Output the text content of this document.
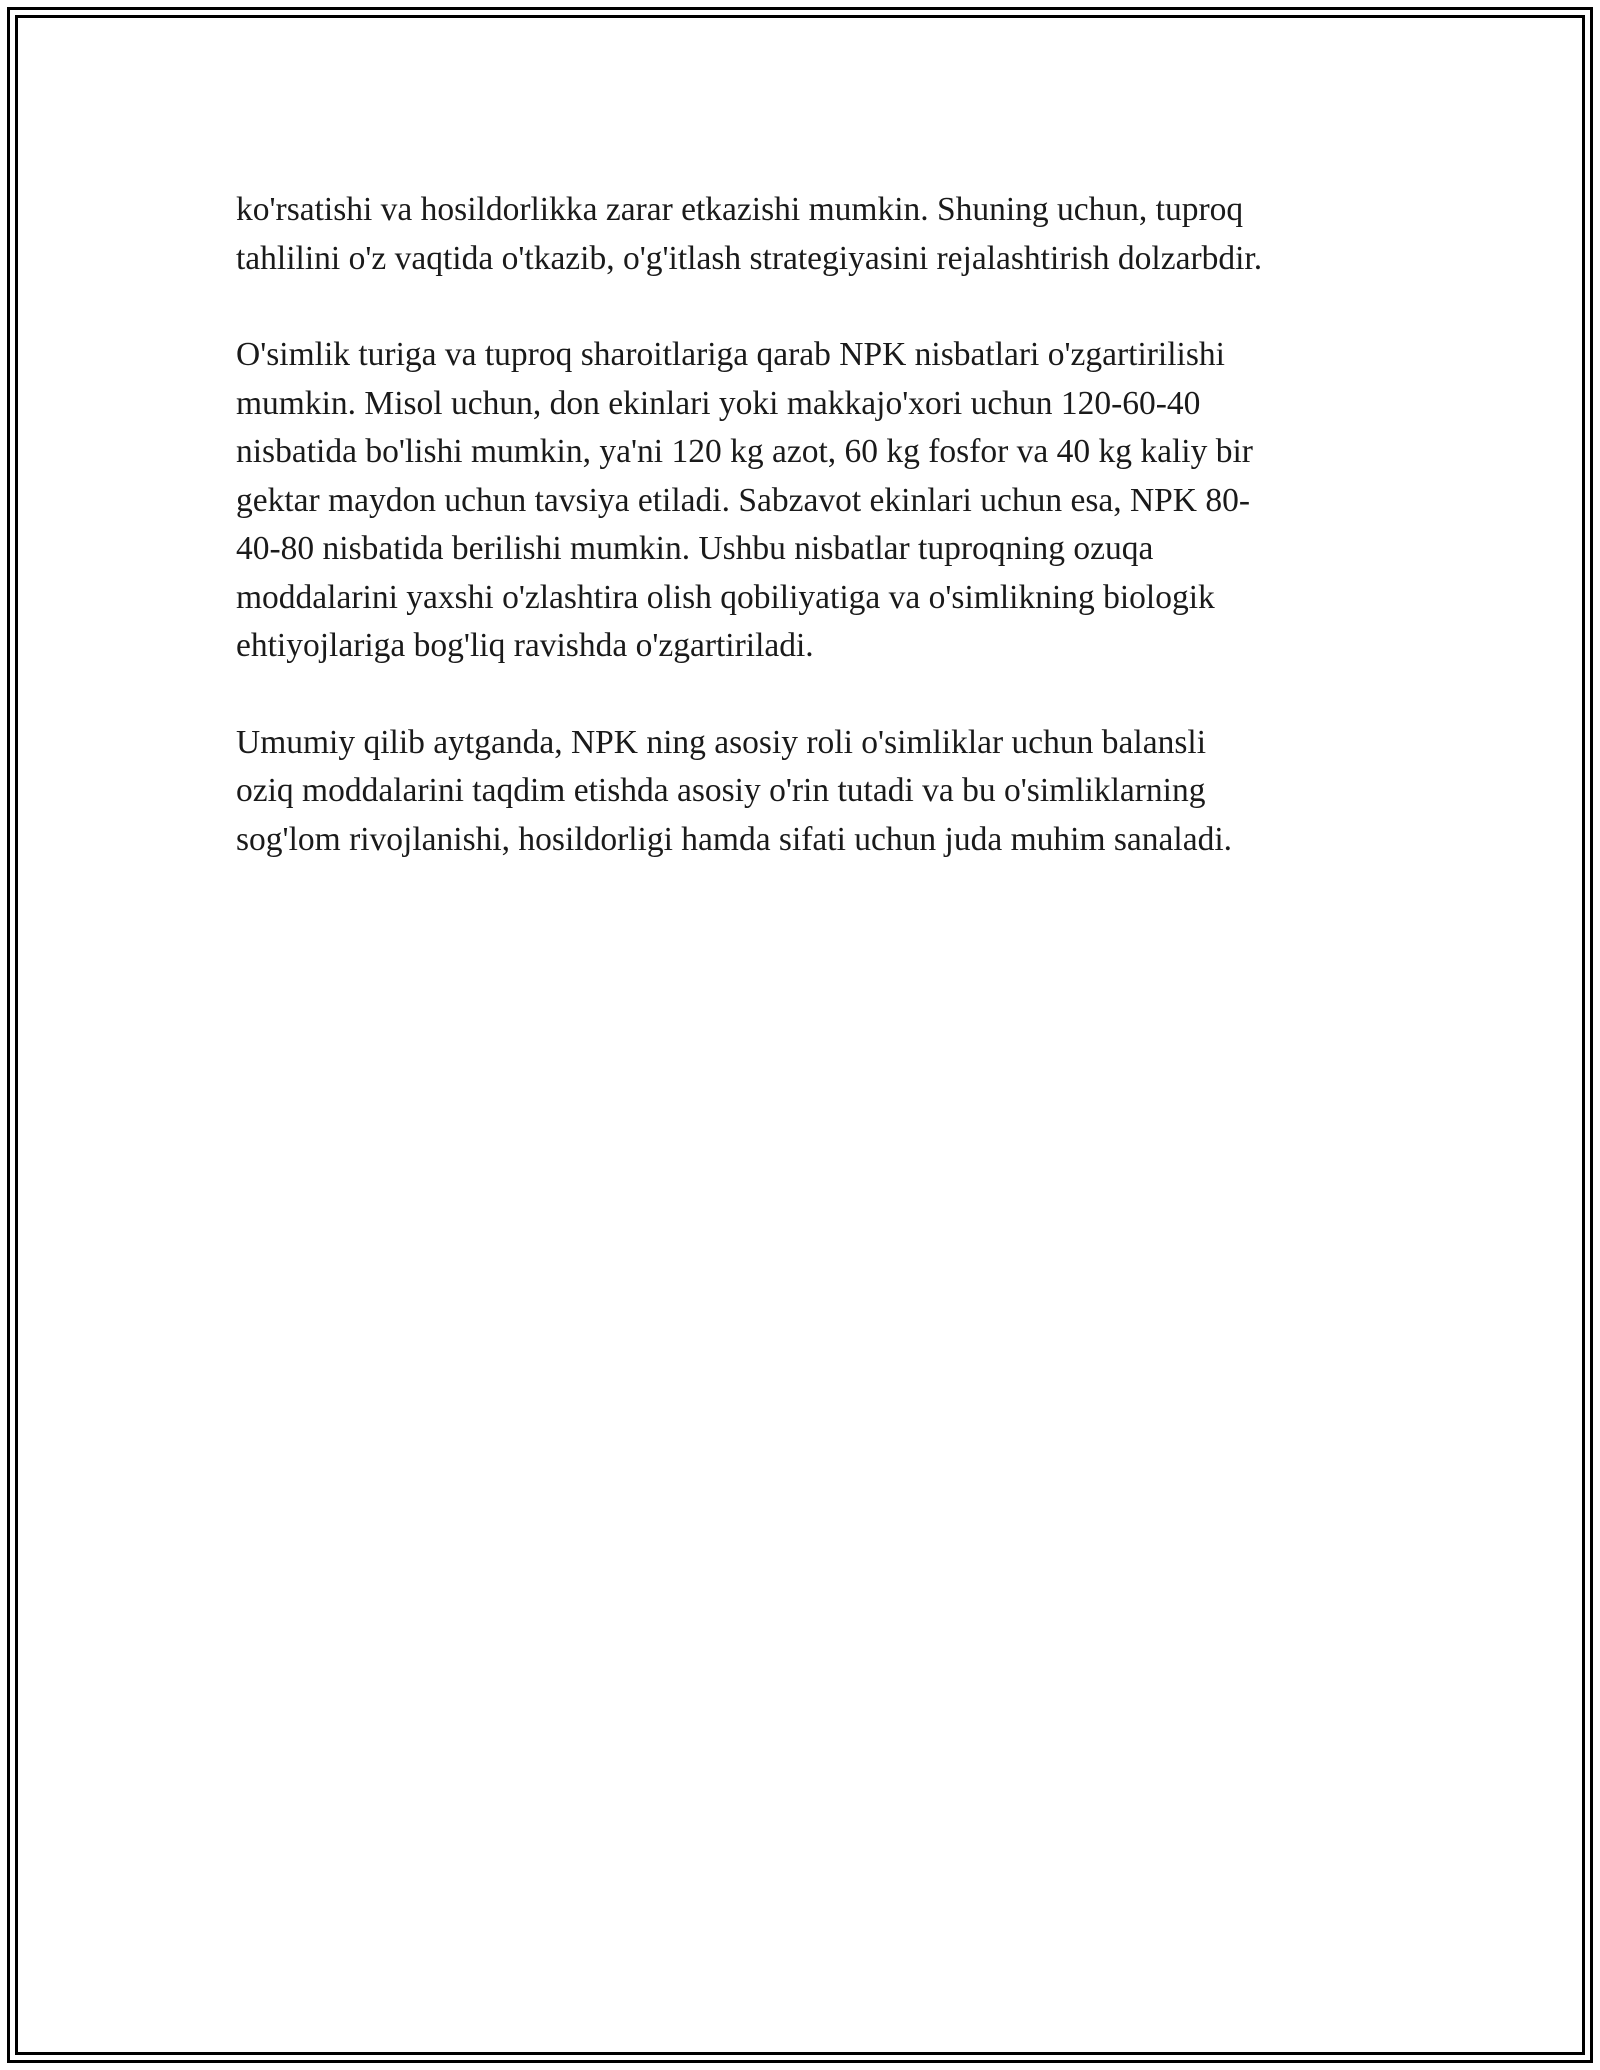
ko'rsatishi va hosildorlikka zarar etkazishi mumkin. Shuning uchun, tuproq
tahlilini o'z vaqtida o'tkazib, o'g'itlash strategiyasini rejalashtirish dolzarbdir.

O'simlik turiga va tuproq sharoitlariga qarab NPK nisbatlari o'zgartirilishi
mumkin. Misol uchun, don ekinlari yoki makkajo'xori uchun 120-60-40
nisbatida bo'lishi mumkin, ya'ni 120 kg azot, 60 kg fosfor va 40 kg kaliy bir
gektar maydon uchun tavsiya etiladi. Sabzavot ekinlari uchun esa, NPK 80-
40-80 nisbatida berilishi mumkin. Ushbu nisbatlar tuproqning ozuqa
moddalarini yaxshi o'zlashtira olish qobiliyatiga va o'simlikning biologik
ehtiyojlariga bog'liq ravishda o'zgartiriladi.

Umumiy qilib aytganda, NPK ning asosiy roli o'simliklar uchun balansli
oziq moddalarini taqdim etishda asosiy o'rin tutadi va bu o'simliklarning
sog'lom rivojlanishi, hosildorligi hamda sifati uchun juda muhim sanaladi.
